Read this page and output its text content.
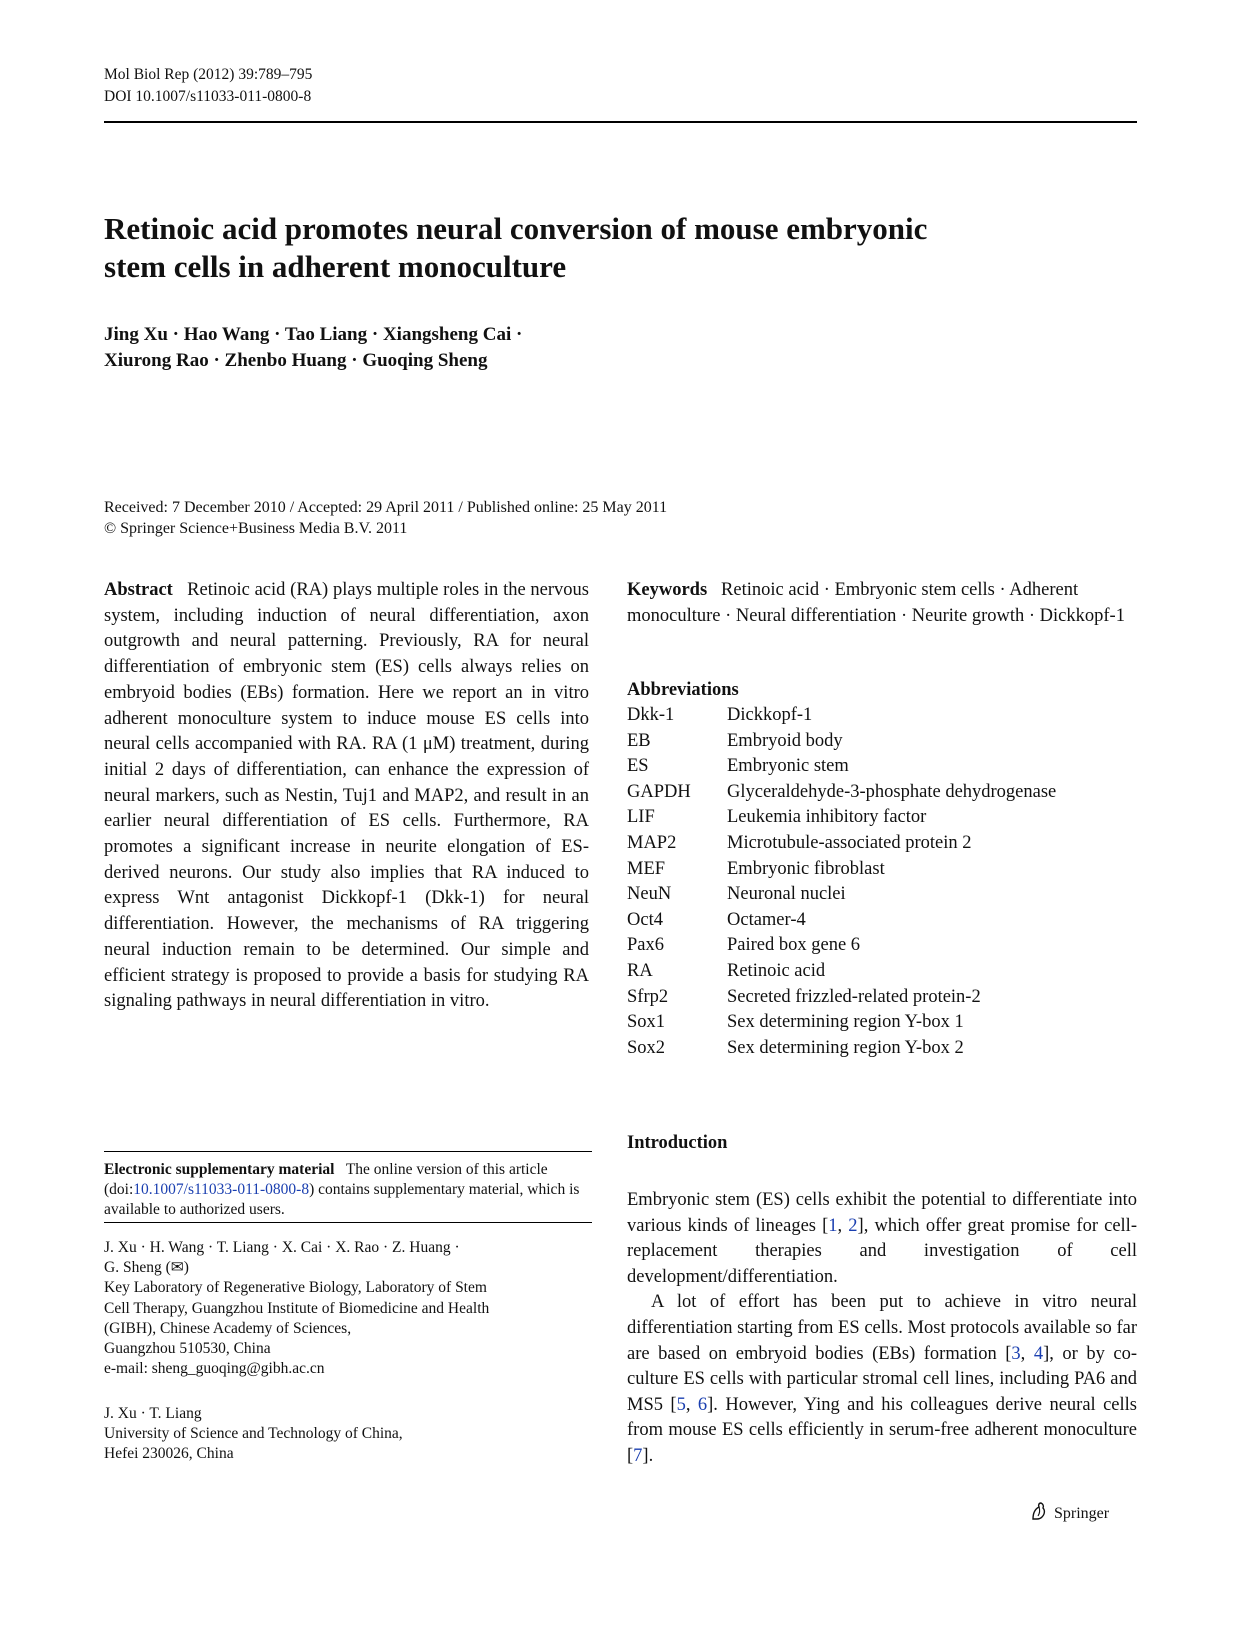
Mol Biol Rep (2012) 39:789–795
DOI 10.1007/s11033-011-0800-8
Retinoic acid promotes neural conversion of mouse embryonic
stem cells in adherent monoculture
Jing Xu · Hao Wang · Tao Liang · Xiangsheng Cai ·
Xiurong Rao · Zhenbo Huang · Guoqing Sheng
Received: 7 December 2010 / Accepted: 29 April 2011 / Published online: 25 May 2011
© Springer Science+Business Media B.V. 2011
Abstract Retinoic acid (RA) plays multiple roles in the nervous system, including induction of neural differentiation, axon outgrowth and neural patterning. Previously, RA for neural differentiation of embryonic stem (ES) cells always relies on embryoid bodies (EBs) formation. Here we report an in vitro adherent monoculture system to induce mouse ES cells into neural cells accompanied with RA. RA (1 μM) treatment, during initial 2 days of differentiation, can enhance the expression of neural markers, such as Nestin, Tuj1 and MAP2, and result in an earlier neural differentiation of ES cells. Furthermore, RA promotes a significant increase in neurite elongation of ES-derived neurons. Our study also implies that RA induced to express Wnt antagonist Dickkopf-1 (Dkk-1) for neural differentiation. However, the mechanisms of RA triggering neural induction remain to be determined. Our simple and efficient strategy is proposed to provide a basis for studying RA signaling pathways in neural differentiation in vitro.
Keywords Retinoic acid · Embryonic stem cells · Adherent monoculture · Neural differentiation · Neurite growth · Dickkopf-1
Abbreviations
Dkk-1	Dickkopf-1
EB	Embryoid body
ES	Embryonic stem
GAPDH	Glyceraldehyde-3-phosphate dehydrogenase
LIF	Leukemia inhibitory factor
MAP2	Microtubule-associated protein 2
MEF	Embryonic fibroblast
NeuN	Neuronal nuclei
Oct4	Octamer-4
Pax6	Paired box gene 6
RA	Retinoic acid
Sfrp2	Secreted frizzled-related protein-2
Sox1	Sex determining region Y-box 1
Sox2	Sex determining region Y-box 2
Electronic supplementary material The online version of this article (doi:10.1007/s11033-011-0800-8) contains supplementary material, which is available to authorized users.
J. Xu · H. Wang · T. Liang · X. Cai · X. Rao · Z. Huang ·
G. Sheng (✉)
Key Laboratory of Regenerative Biology, Laboratory of Stem
Cell Therapy, Guangzhou Institute of Biomedicine and Health
(GIBH), Chinese Academy of Sciences,
Guangzhou 510530, China
e-mail: sheng_guoqing@gibh.ac.cn
J. Xu · T. Liang
University of Science and Technology of China,
Hefei 230026, China
Introduction

Embryonic stem (ES) cells exhibit the potential to differentiate into various kinds of lineages [1, 2], which offer great promise for cell-replacement therapies and investigation of cell development/differentiation.

A lot of effort has been put to achieve in vitro neural differentiation starting from ES cells. Most protocols available so far are based on embryoid bodies (EBs) formation [3, 4], or by co-culture ES cells with particular stromal cell lines, including PA6 and MS5 [5, 6]. However, Ying and his colleagues derive neural cells from mouse ES cells efficiently in serum-free adherent monoculture [7].

Springer
